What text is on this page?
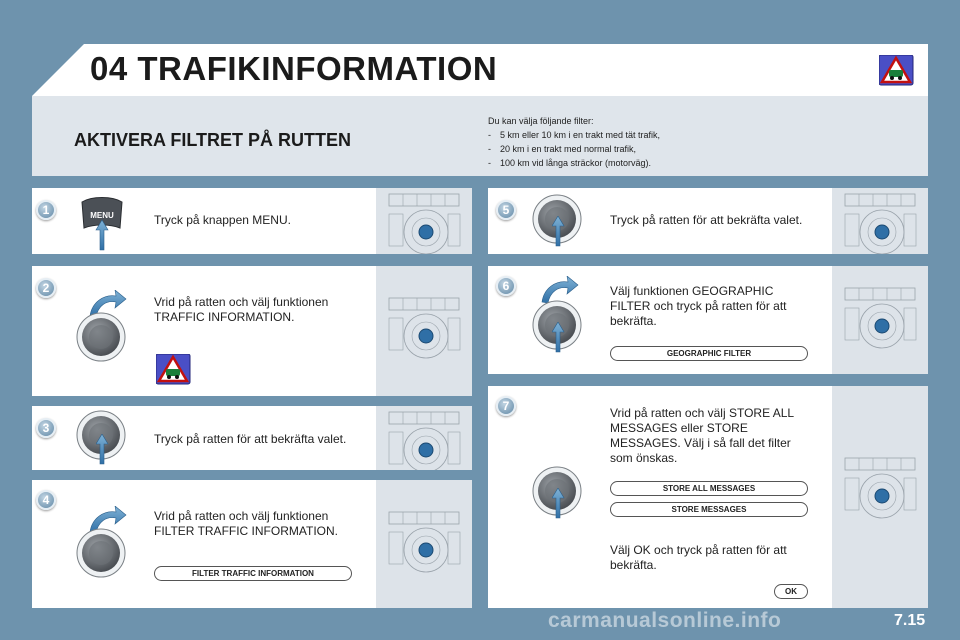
04 TRAFIKINFORMATION
AKTIVERA FILTRET PÅ RUTTEN
Du kan välja följande filter:
- 5 km eller 10 km i en trakt med tät trafik,
- 20 km i en trakt med normal trafik,
- 100 km vid långa sträckor (motorväg).
1	MENU	Tryck på knappen MENU.
2
Vrid på ratten och välj funktionen TRAFFIC INFORMATION.
3
Tryck på ratten för att bekräfta valet.
4
Vrid på ratten och välj funktionen FILTER TRAFFIC INFORMATION.
FILTER TRAFFIC INFORMATION
5
Tryck på ratten för att bekräfta valet.
6	Välj funktionen GEOGRAPHIC FILTER och tryck på ratten för att bekräfta.
GEOGRAPHIC FILTER
7	Vrid på ratten och välj STORE ALL MESSAGES eller STORE MESSAGES. Välj i så fall det filter som önskas.
STORE ALL MESSAGES
STORE MESSAGES
Välj OK och tryck på ratten för att bekräfta.
OK
carmanualsonline.info	7.15
